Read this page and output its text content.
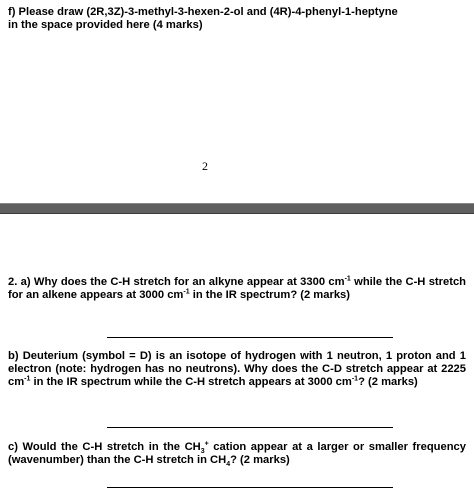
f) Please draw (2R,3Z)-3-methyl-3-hexen-2-ol and (4R)-4-phenyl-1-heptyne
in the space provided here (4 marks)
2
2. a) Why does the C-H stretch for an alkyne appear at 3300 $cm^{-1}$ while the C-H stretch for an alkene appears at 3000 $cm^{-1}$ in the IR spectrum? (2 marks)
b) Deuterium (symbol = D) is an isotope of hydrogen with 1 neutron, 1 proton and 1 electron (note: hydrogen has no neutrons). Why does the C-D stretch appear at 2225 $cm^{-1}$ in the IR spectrum while the C-H stretch appears at 3000 $cm^{-1}$? (2 marks)
c) Would the C-H stretch in the $CH_3^+$ cation appear at a larger or smaller frequency (wavenumber) than the C-H stretch in $CH_4$? (2 marks)
